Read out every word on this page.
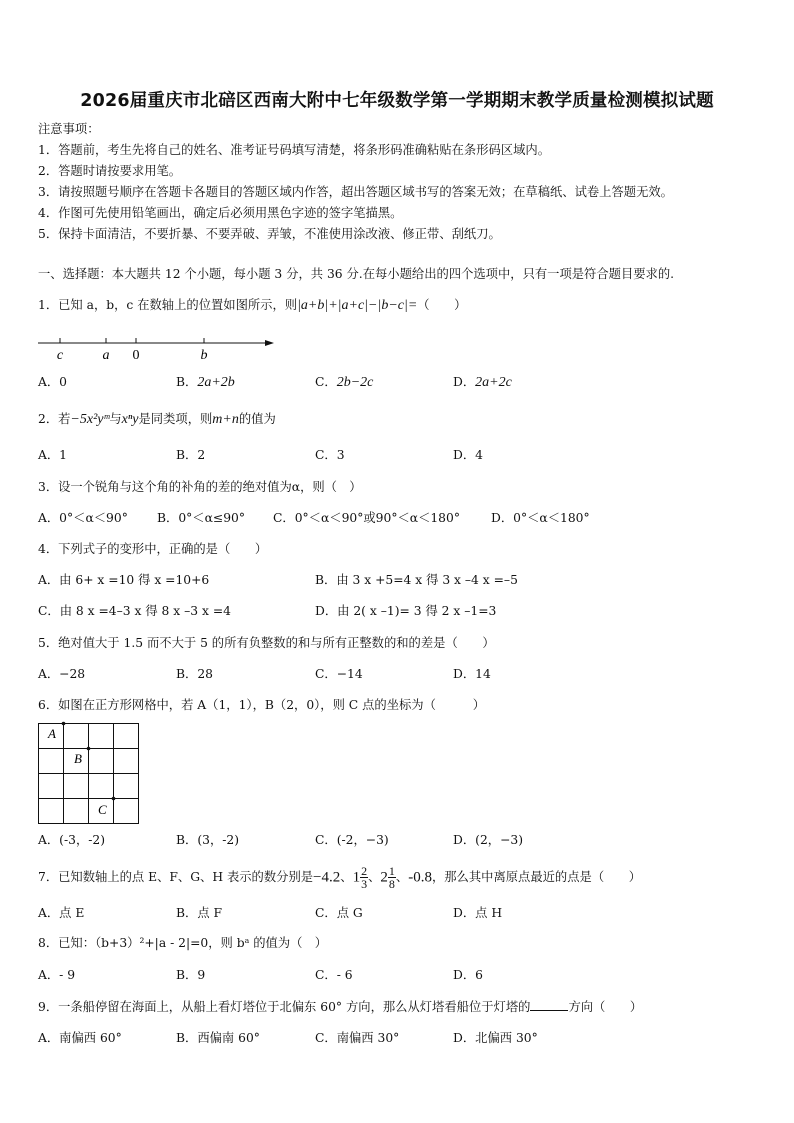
2026届重庆市北碚区西南大附中七年级数学第一学期期末教学质量检测模拟试题
注意事项：
1．答题前，考生先将自己的姓名、准考证号码填写清楚，将条形码准确粘贴在条形码区域内。
2．答题时请按要求用笔。
3．请按照题号顺序在答题卡各题目的答题区域内作答，超出答题区域书写的答案无效；在草稿纸、试卷上答题无效。
4．作图可先使用铅笔画出，确定后必须用黑色字迹的签字笔描黑。
5．保持卡面清洁，不要折暴、不要弄破、弄皱，不准使用涂改液、修正带、刮纸刀。
一、选择题：本大题共 12 个小题，每小题 3 分，共 36 分.在每小题给出的四个选项中，只有一项是符合题目要求的.
1．已知 a，b，c 在数轴上的位置如图所示，则|a+b|+|a+c|−|b−c|=（　　）
c	a 0	b
A．0	B．2a+2b	C．2b−2c	D．2a+2c
2．若−5x²yᵐ与xⁿy是同类项，则m+n的值为
A．1	B．2	C．3	D．4
3．设一个锐角与这个角的补角的差的绝对值为α，则（　）
A．0°＜α＜90° B．0°＜α≤90° C．0°＜α＜90°或90°＜α＜180°	D．0°＜α＜180°
4．下列式子的变形中，正确的是（　　）
A．由 6+ x =10 得 x =10+6	B．由 3 x +5=4 x 得 3 x –4 x =–5
C．由 8 x =4–3 x 得 8 x –3 x =4	D．由 2( x –1)= 3 得 2 x –1=3
5．绝对值大于 1.5 而不大于 5 的所有负整数的和与所有正整数的和的差是（　　）
A．−28	B．28	C．−14	D．14
6．如图在正方形网格中，若 A（1，1），B（2，0），则 C 点的坐标为（　　　）
A
B
C
A．(-3，-2)	B．(3，-2)	C．(-2，−3)	D．(2，−3)
7．已知数轴上的点 E、F、G、H 表示的数分别是−4.2、$1 \frac{2}{3}$ 、$2 \frac{1}{8}$ 、-0.8，那么其中离原点最近的点是（　　）
A．点 E	B．点 F	C．点 G	D．点 H
8．已知：（b+3）²+|a - 2|=0，则 bᵃ 的值为（　）
A．- 9	B．9	C．- 6	D．6
9．一条船停留在海面上，从船上看灯塔位于北偏东 60° 方向，那么从灯塔看船位于灯塔的	方向（　　）
A．南偏西 60°	B．西偏南 60°	C．南偏西 30°	D．北偏西 30°
